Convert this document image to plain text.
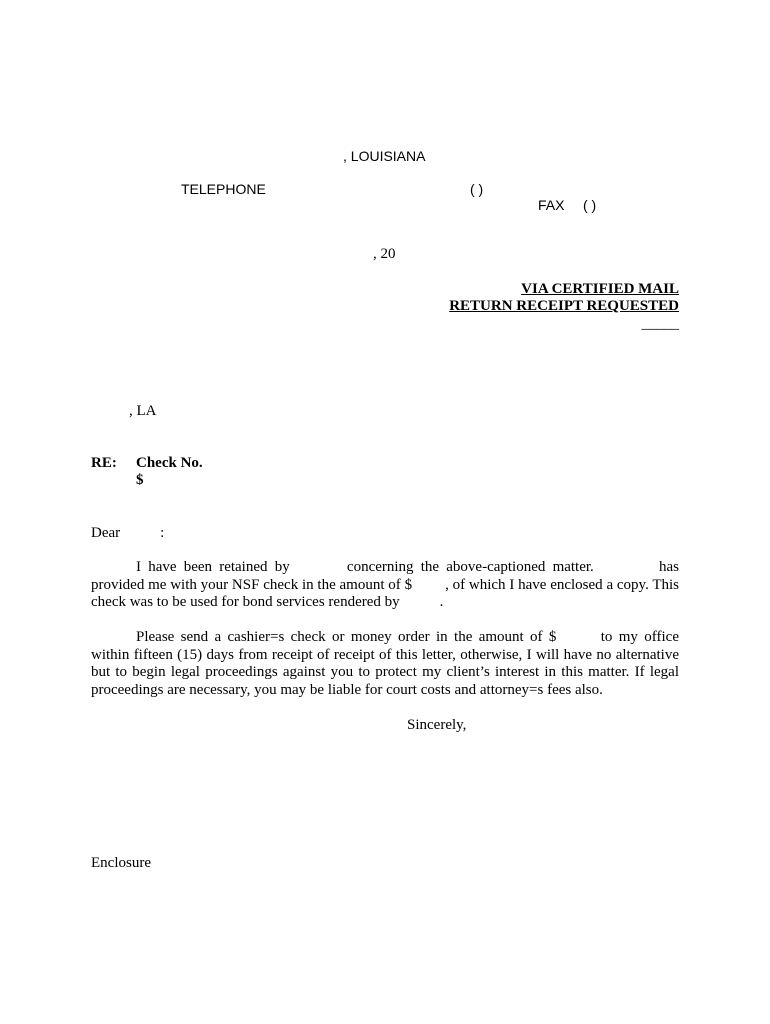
, LOUISIANA
TELEPHONE	( )
FAX ( )
, 20
VIA CERTIFIED MAIL
RETURN RECEIPT REQUESTED
_____
, LA
RE: Check No.
$
Dear	:
I have been retained by	concerning the above-captioned matter.	has provided me with your NSF check in the amount of $ , of which I have enclosed a copy. This check was to be used for bond services rendered by	.
Please send a cashier=s check or money order in the amount of $	to my office within fifteen (15) days from receipt of receipt of this letter, otherwise, I will have no alternative but to begin legal proceedings against you to protect my client’s interest in this matter. If legal proceedings are necessary, you may be liable for court costs and attorney=s fees also.
Sincerely,
Enclosure
